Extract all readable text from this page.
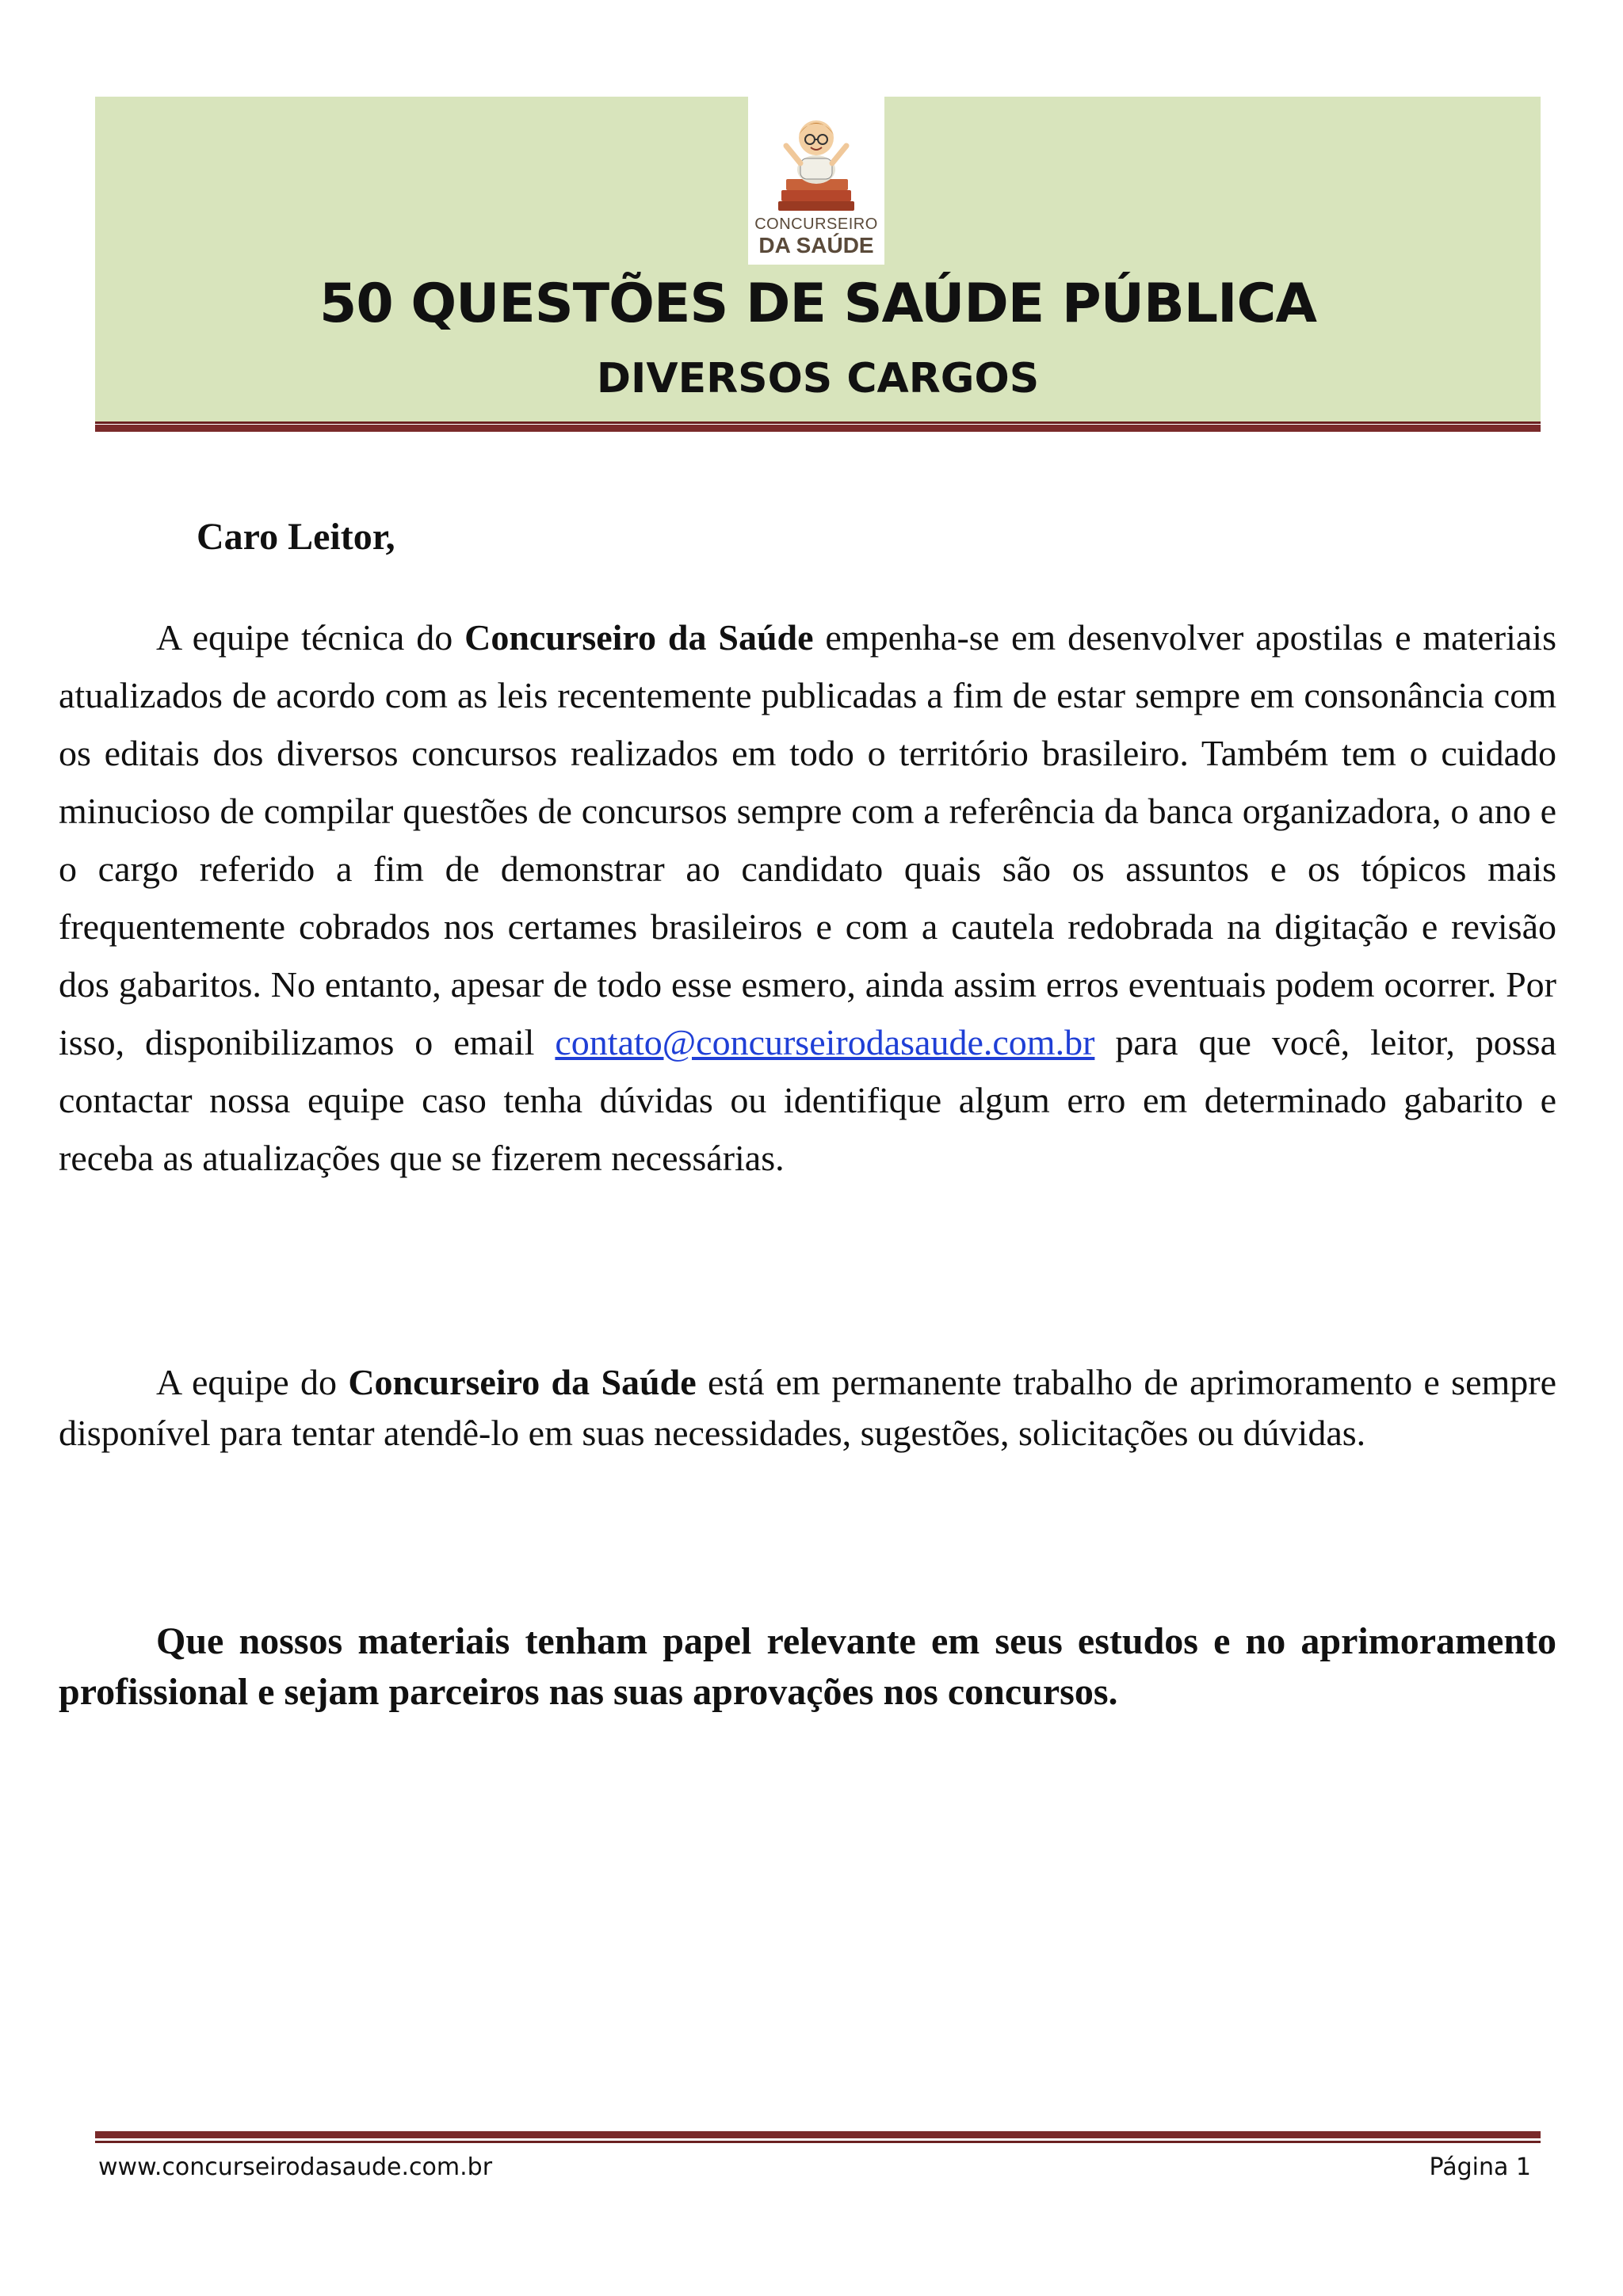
CONCURSEIRO
DA SAÚDE
50 QUESTÕES DE SAÚDE PÚBLICA
DIVERSOS CARGOS
Caro Leitor,

A equipe técnica do Concurseiro da Saúde empenha-se em desenvolver apostilas e materiais atualizados de acordo com as leis recentemente publicadas a fim de estar sempre em consonância com os editais dos diversos concursos realizados em todo o território brasileiro. Também tem o cuidado minucioso de compilar questões de concursos sempre com a referência da banca organizadora, o ano e o cargo referido a fim de demonstrar ao candidato quais são os assuntos e os tópicos mais frequentemente cobrados nos certames brasileiros e com a cautela redobrada na digitação e revisão dos gabaritos. No entanto, apesar de todo esse esmero, ainda assim erros eventuais podem ocorrer. Por isso, disponibilizamos o email contato@concurseirodasaude.com.br para que você, leitor, possa contactar nossa equipe caso tenha dúvidas ou identifique algum erro em determinado gabarito e receba as atualizações que se fizerem necessárias.

A equipe do Concurseiro da Saúde está em permanente trabalho de aprimoramento e sempre disponível para tentar atendê-lo em suas necessidades, sugestões, solicitações ou dúvidas.

Que nossos materiais tenham papel relevante em seus estudos e no aprimoramento profissional e sejam parceiros nas suas aprovações nos concursos.

www.concurseirodasaude.com.br	Página 1
